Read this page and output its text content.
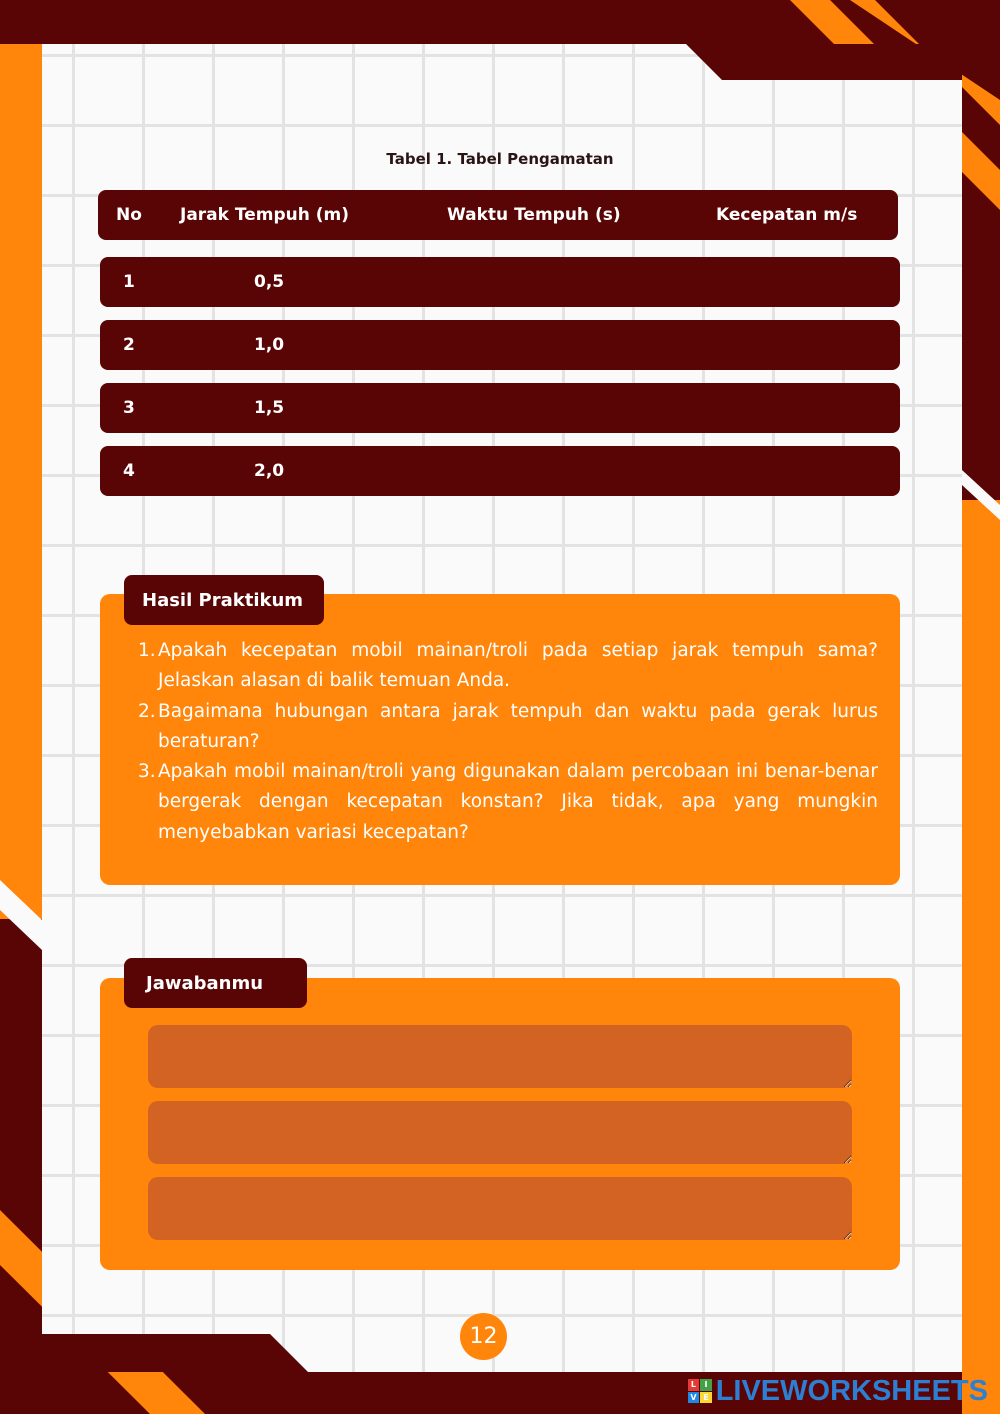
Tabel 1. Tabel Pengamatan
No Jarak Tempuh (m)	Waktu Tempuh (s)	Kecepatan m/s
1	0,5
2	1,0
3	1,5
4	2,0
Hasil Praktikum
1. Apakah kecepatan mobil mainan/troli pada setiap jarak tempuh sama? Jelaskan alasan di balik temuan Anda.
2. Bagaimana hubungan antara jarak tempuh dan waktu pada gerak lurus beraturan?
3. Apakah mobil mainan/troli yang digunakan dalam percobaan ini benar-benar bergerak dengan kecepatan konstan? Jika tidak, apa yang mungkin menyebabkan variasi kecepatan?
Jawabanmu
12
L	I
V E LIVEWORKSHEETS
